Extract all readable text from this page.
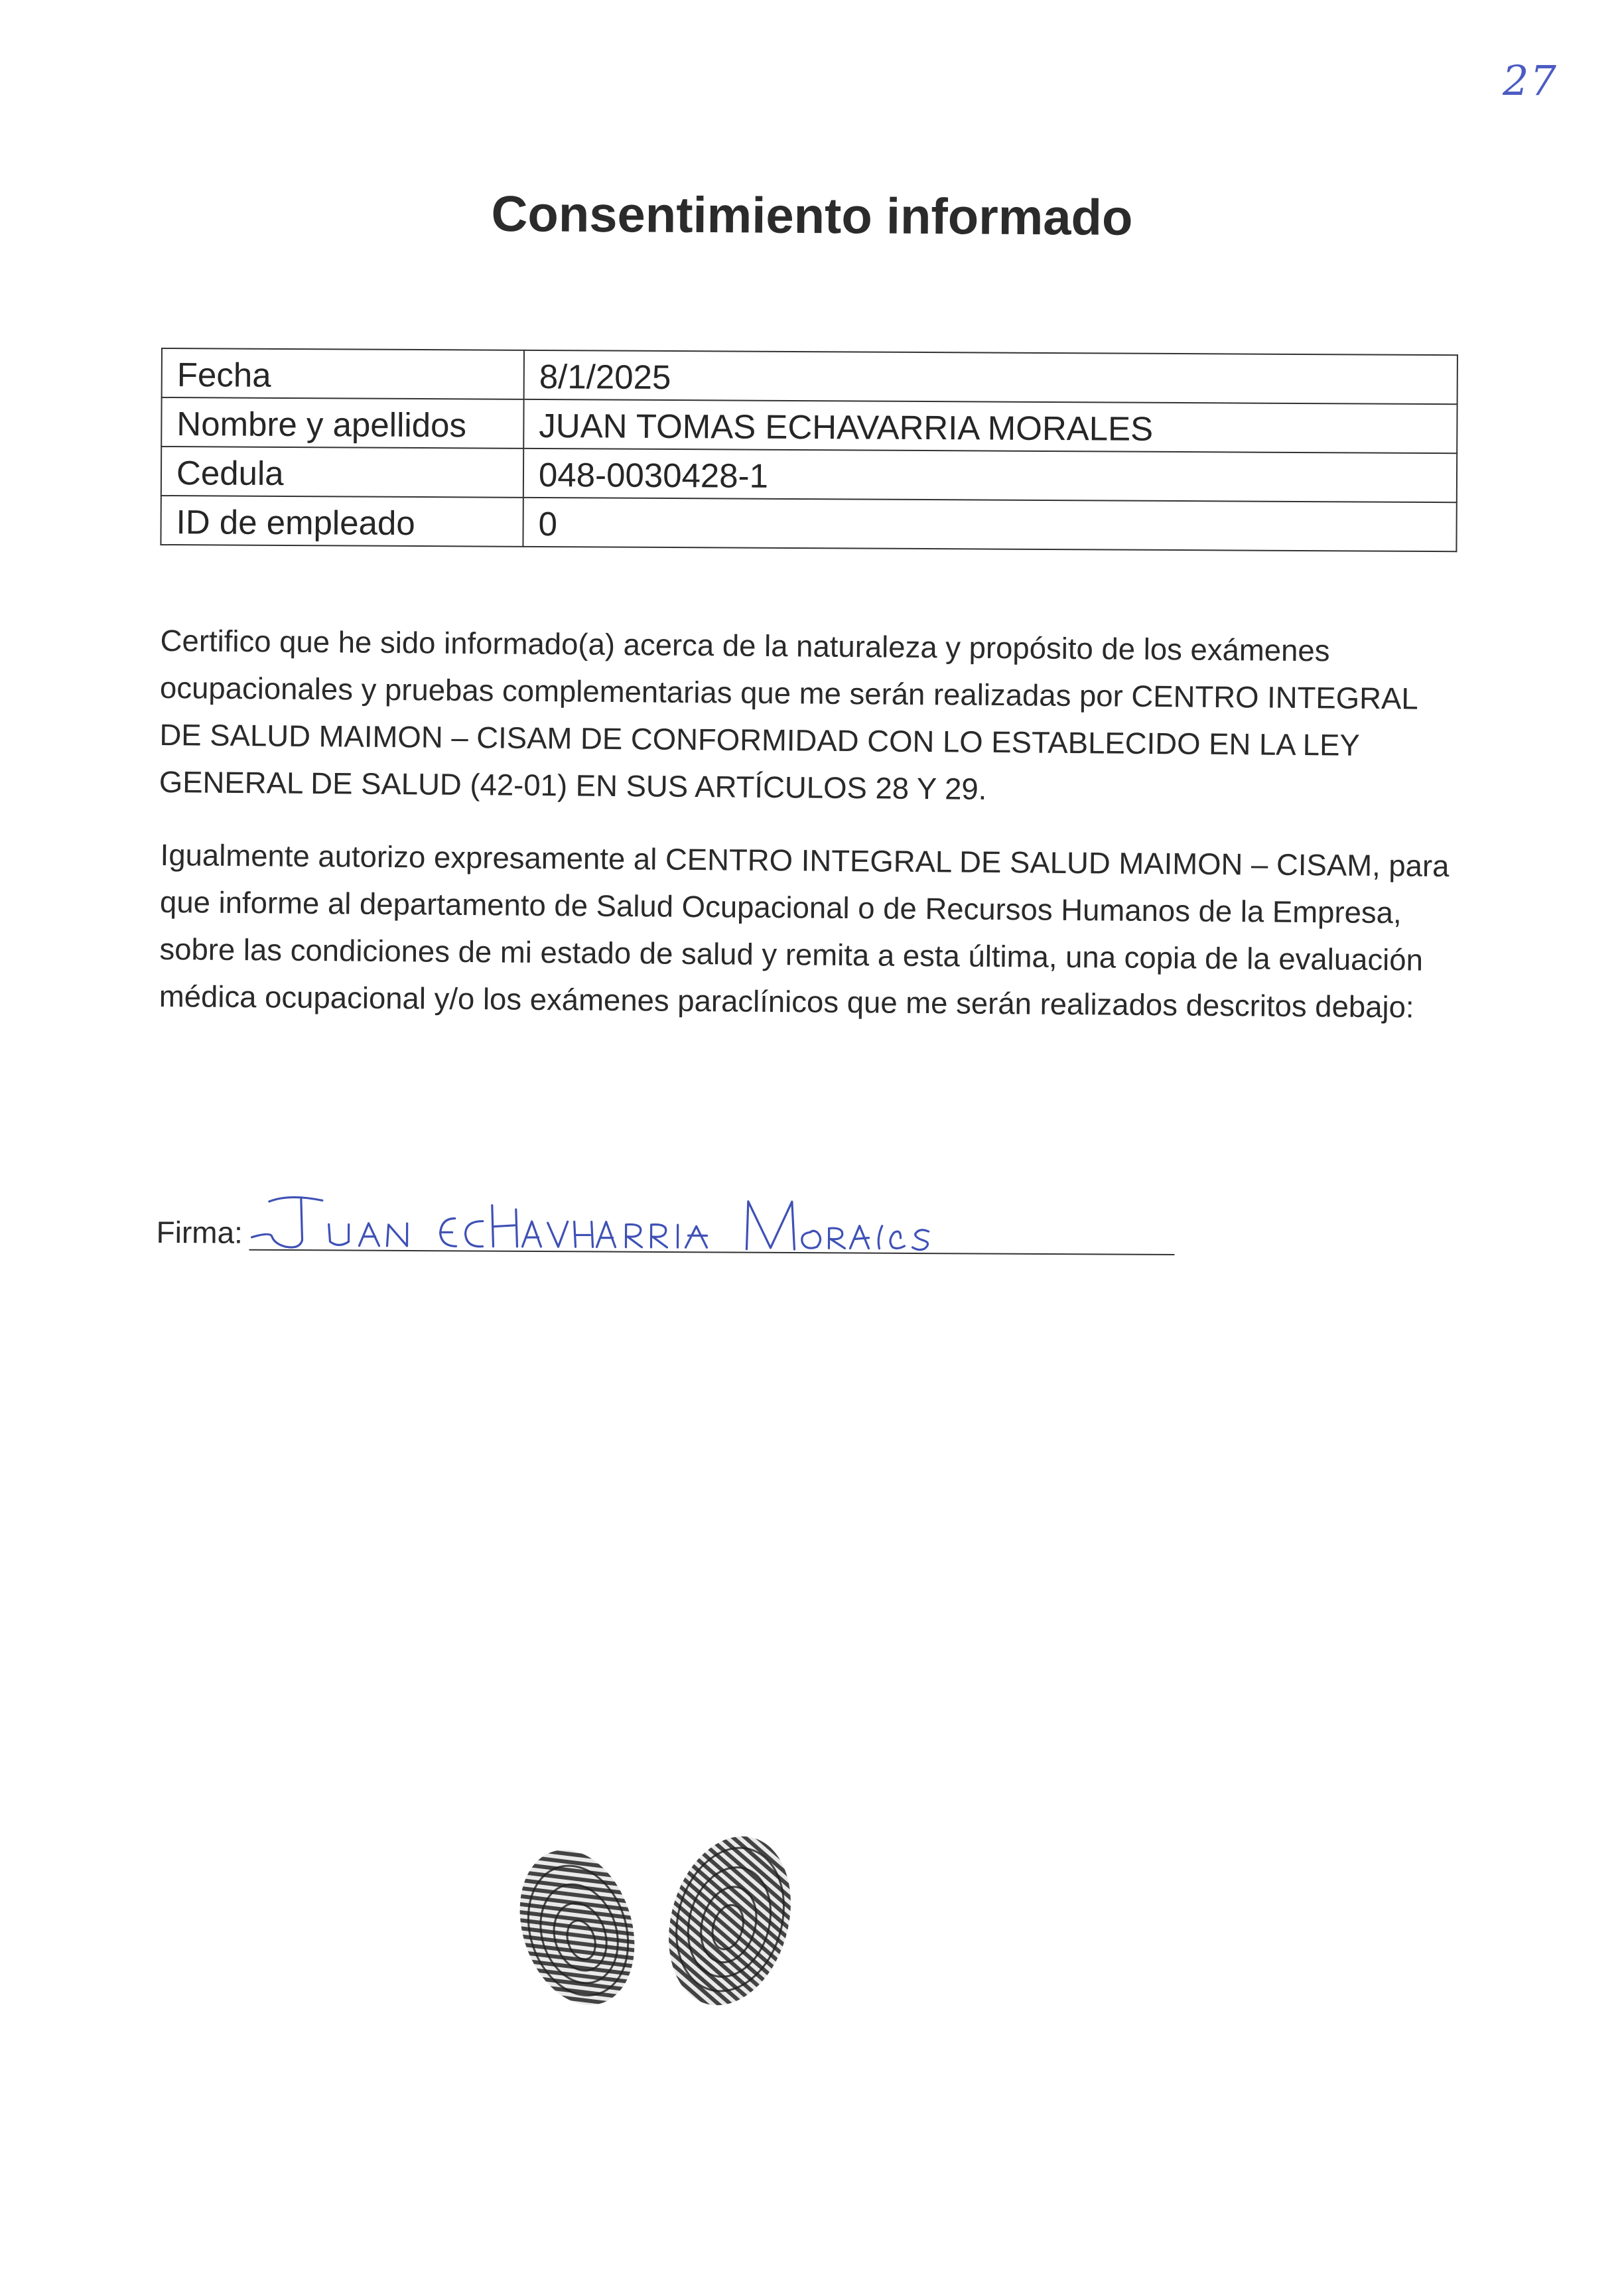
27
Consentimiento informado
Fecha	8/1/2025
Nombre y apellidos	JUAN TOMAS ECHAVARRIA MORALES
Cedula	048-0030428-1
ID de empleado	0
Certifico que he sido informado(a) acerca de la naturaleza y propósito de los exámenes ocupacionales y pruebas complementarias que me serán realizadas por CENTRO INTEGRAL DE SALUD MAIMON – CISAM DE CONFORMIDAD CON LO ESTABLECIDO EN LA LEY GENERAL DE SALUD (42-01) EN SUS ARTÍCULOS 28 Y 29.
Igualmente autorizo expresamente al CENTRO INTEGRAL DE SALUD MAIMON – CISAM, para que informe al departamento de Salud Ocupacional o de Recursos Humanos de la Empresa, sobre las condiciones de mi estado de salud y remita a esta última, una copia de la evaluación médica ocupacional y/o los exámenes paraclínicos que me serán realizados descritos debajo:
Firma:
